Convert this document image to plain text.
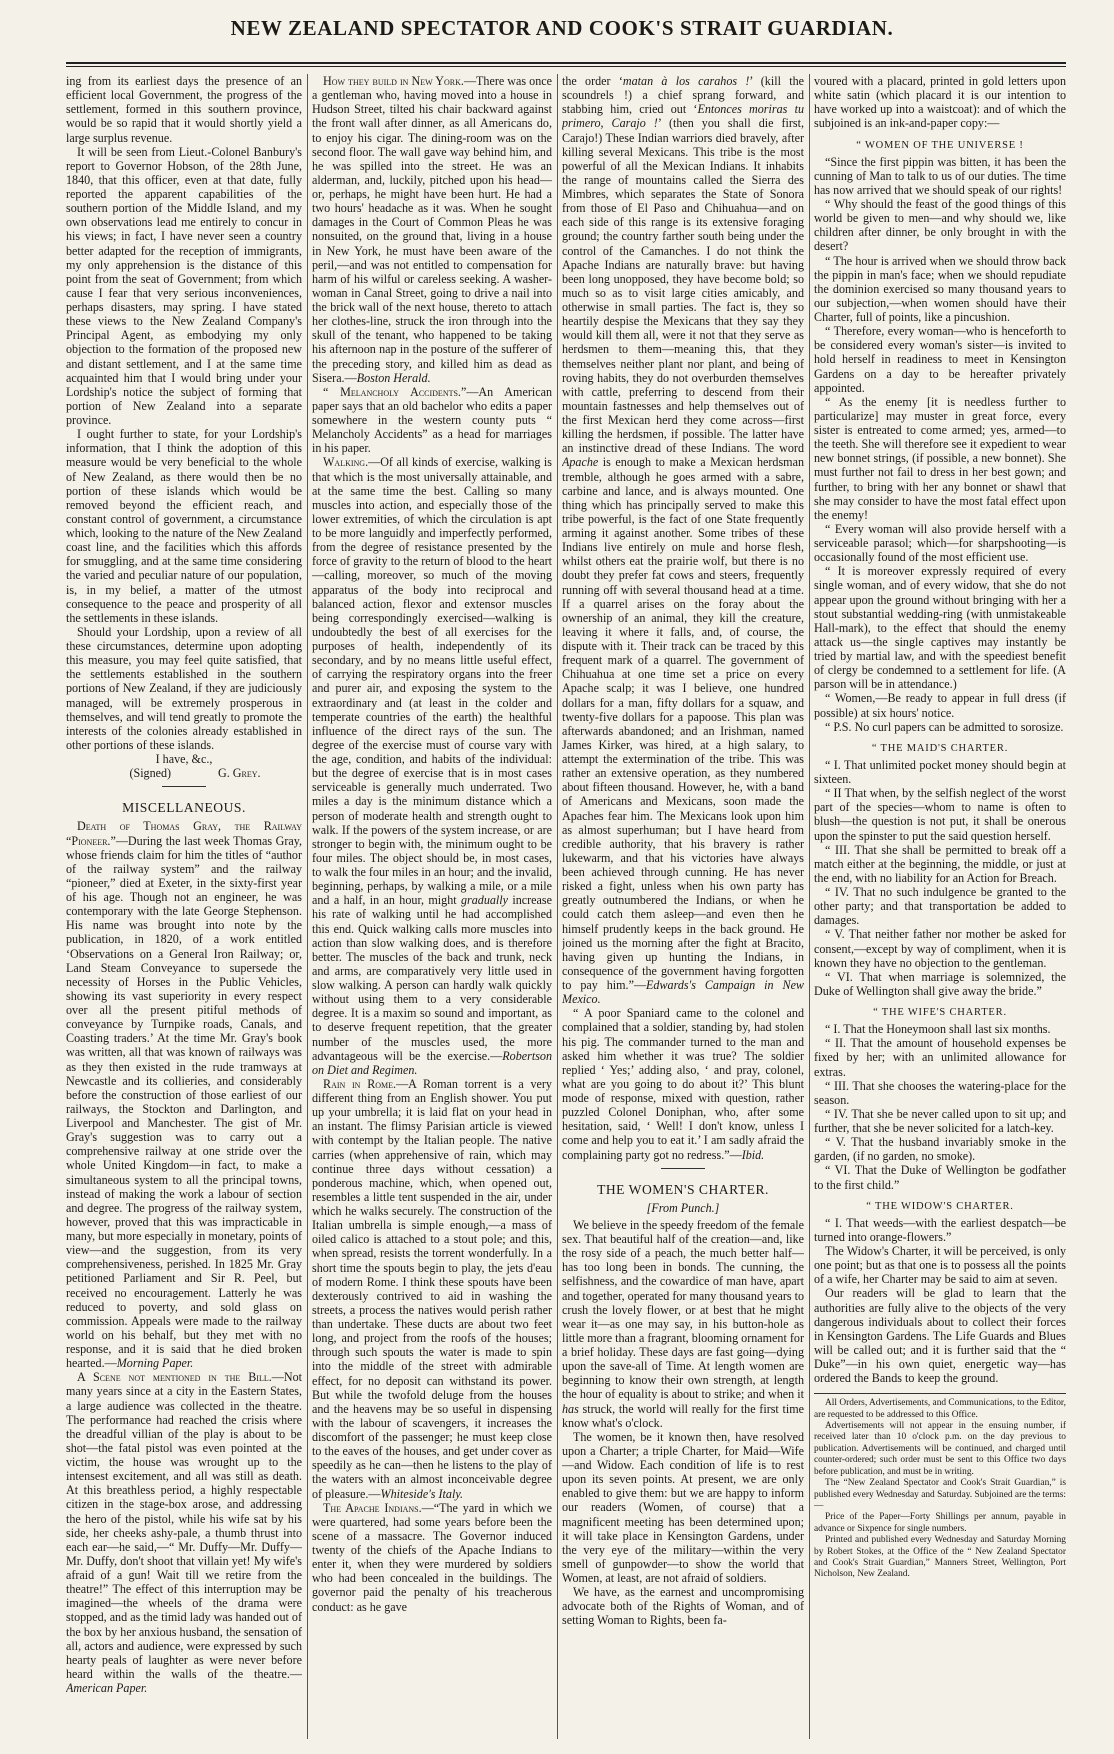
NEW ZEALAND SPECTATOR AND COOK'S STRAIT GUARDIAN.

ing from its earliest days the presence of an efficient local Government, the progress of the settlement, formed in this southern province, would be so rapid that it would shortly yield a large surplus revenue.

It will be seen from Lieut.-Colonel Banbury's report to Governor Hobson, of the 28th June, 1840, that this officer, even at that date, fully reported the apparent capabilities of the southern portion of the Middle Island, and my own observations lead me entirely to concur in his views; in fact, I have never seen a country better adapted for the reception of immigrants, my only apprehension is the distance of this point from the seat of Government; from which cause I fear that very serious inconveniences, perhaps disasters, may spring. I have stated these views to the New Zealand Company's Principal Agent, as embodying my only objection to the formation of the proposed new and distant settlement, and I at the same time acquainted him that I would bring under your Lordship's notice the subject of forming that portion of New Zealand into a separate province.

I ought further to state, for your Lordship's information, that I think the adoption of this measure would be very beneficial to the whole of New Zealand, as there would then be no portion of these islands which would be removed beyond the efficient reach, and constant control of government, a circumstance which, looking to the nature of the New Zealand coast line, and the facilities which this affords for smuggling, and at the same time considering the varied and peculiar nature of our population, is, in my belief, a matter of the utmost consequence to the peace and prosperity of all the settlements in these islands.

Should your Lordship, upon a review of all these circumstances, determine upon adopting this measure, you may feel quite satisfied, that the settlements established in the southern portions of New Zealand, if they are judiciously managed, will be extremely prosperous in themselves, and will tend greatly to promote the interests of the colonies already established in other portions of these islands.

I have, &c.,
(Signed)	G. Grey.

MISCELLANEOUS.

Death of Thomas Gray, the Railway “Pioneer.”—During the last week Thomas Gray, whose friends claim for him the titles of “author of the railway system” and the railway “pioneer,” died at Exeter, in the sixty-first year of his age. Though not an engineer, he was contemporary with the late George Stephenson. His name was brought into note by the publication, in 1820, of a work entitled ‘Observations on a General Iron Railway; or, Land Steam Conveyance to supersede the necessity of Horses in the Public Vehicles, showing its vast superiority in every respect over all the present pitiful methods of conveyance by Turnpike roads, Canals, and Coasting traders.’ At the time Mr. Gray's book was written, all that was known of railways was as they then existed in the rude tramways at Newcastle and its collieries, and considerably before the construction of those earliest of our railways, the Stockton and Darlington, and Liverpool and Manchester. The gist of Mr. Gray's suggestion was to carry out a comprehensive railway at one stride over the whole United Kingdom—in fact, to make a simultaneous system to all the principal towns, instead of making the work a labour of section and degree. The progress of the railway system, however, proved that this was impracticable in many, but more especially in monetary, points of view—and the suggestion, from its very comprehensiveness, perished. In 1825 Mr. Gray petitioned Parliament and Sir R. Peel, but received no encouragement. Latterly he was reduced to poverty, and sold glass on commission. Appeals were made to the railway world on his behalf, but they met with no response, and it is said that he died broken hearted.—Morning Paper.

A Scene not mentioned in the Bill.—Not many years since at a city in the Eastern States, a large audience was collected in the theatre. The performance had reached the crisis where the dreadful villian of the play is about to be shot—the fatal pistol was even pointed at the victim, the house was wrought up to the intensest excitement, and all was still as death. At this breathless period, a highly respectable citizen in the stage-box arose, and addressing the hero of the pistol, while his wife sat by his side, her cheeks ashy-pale, a thumb thrust into each ear—he said,—“ Mr. Duffy—Mr. Duffy—Mr. Duffy, don't shoot that villain yet! My wife's afraid of a gun! Wait till we retire from the theatre!” The effect of this interruption may be imagined—the wheels of the drama were stopped, and as the timid lady was handed out of the box by her anxious husband, the sensation of all, actors and audience, were expressed by such hearty peals of laughter as were never before heard within the walls of the theatre.—American Paper.

How they build in New York.—There was once a gentleman who, having moved into a house in Hudson Street, tilted his chair backward against the front wall after dinner, as all Americans do, to enjoy his cigar. The dining-room was on the second floor. The wall gave way behind him, and he was spilled into the street. He was an alderman, and, luckily, pitched upon his head—or, perhaps, he might have been hurt. He had a two hours' headache as it was. When he sought damages in the Court of Common Pleas he was nonsuited, on the ground that, living in a house in New York, he must have been aware of the peril,—and was not entitled to compensation for harm of his wilful or careless seeking. A washer-woman in Canal Street, going to drive a nail into the brick wall of the next house, thereto to attach her clothes-line, struck the iron through into the skull of the tenant, who happened to be taking his afternoon nap in the posture of the sufferer of the preceding story, and killed him as dead as Sisera.—Boston Herald.

“ Melancholy Accidents.”—An American paper says that an old bachelor who edits a paper somewhere in the western county puts “ Melancholy Accidents” as a head for marriages in his paper.

Walking.—Of all kinds of exercise, walking is that which is the most universally attainable, and at the same time the best. Calling so many muscles into action, and especially those of the lower extremities, of which the circulation is apt to be more languidly and imperfectly performed, from the degree of resistance presented by the force of gravity to the return of blood to the heart—calling, moreover, so much of the moving apparatus of the body into reciprocal and balanced action, flexor and extensor muscles being correspondingly exercised—walking is undoubtedly the best of all exercises for the purposes of health, independently of its secondary, and by no means little useful effect, of carrying the respiratory organs into the freer and purer air, and exposing the system to the extraordinary and (at least in the colder and temperate countries of the earth) the healthful influence of the direct rays of the sun. The degree of the exercise must of course vary with the age, condition, and habits of the individual: but the degree of exercise that is in most cases serviceable is generally much underrated. Two miles a day is the minimum distance which a person of moderate health and strength ought to walk. If the powers of the system increase, or are stronger to begin with, the minimum ought to be four miles. The object should be, in most cases, to walk the four miles in an hour; and the invalid, beginning, perhaps, by walking a mile, or a mile and a half, in an hour, might gradually increase his rate of walking until he had accomplished this end. Quick walking calls more muscles into action than slow walking does, and is therefore better. The muscles of the back and trunk, neck and arms, are comparatively very little used in slow walking. A person can hardly walk quickly without using them to a very considerable degree. It is a maxim so sound and important, as to deserve frequent repetition, that the greater number of the muscles used, the more advantageous will be the exercise.—Robertson on Diet and Regimen.

Rain in Rome.—A Roman torrent is a very different thing from an English shower. You put up your umbrella; it is laid flat on your head in an instant. The flimsy Parisian article is viewed with contempt by the Italian people. The native carries (when apprehensive of rain, which may continue three days without cessation) a ponderous machine, which, when opened out, resembles a little tent suspended in the air, under which he walks securely. The construction of the Italian umbrella is simple enough,—a mass of oiled calico is attached to a stout pole; and this, when spread, resists the torrent wonderfully. In a short time the spouts begin to play, the jets d'eau of modern Rome. I think these spouts have been dexterously contrived to aid in washing the streets, a process the natives would perish rather than undertake. These ducts are about two feet long, and project from the roofs of the houses; through such spouts the water is made to spin into the middle of the street with admirable effect, for no deposit can withstand its power. But while the twofold deluge from the houses and the heavens may be so useful in dispensing with the labour of scavengers, it increases the discomfort of the passenger; he must keep close to the eaves of the houses, and get under cover as speedily as he can—then he listens to the play of the waters with an almost inconceivable degree of pleasure.—Whiteside's Italy.

The Apache Indians.—“The yard in which we were quartered, had some years before been the scene of a massacre. The Governor induced twenty of the chiefs of the Apache Indians to enter it, when they were murdered by soldiers who had been concealed in the buildings. The governor paid the penalty of his treacherous conduct: as he gave

the order ‘matan à los carahos !’ (kill the scoundrels !) a chief sprang forward, and stabbing him, cried out ‘Entonces moriras tu primero, Carajo !’ (then you shall die first, Carajo!) These Indian warriors died bravely, after killing several Mexicans. This tribe is the most powerful of all the Mexican Indians. It inhabits the range of mountains called the Sierra des Mimbres, which separates the State of Sonora from those of El Paso and Chihuahua—and on each side of this range is its extensive foraging ground; the country farther south being under the control of the Camanches. I do not think the Apache Indians are naturally brave: but having been long unopposed, they have become bold; so much so as to visit large cities amicably, and otherwise in small parties. The fact is, they so heartily despise the Mexicans that they say they would kill them all, were it not that they serve as herdsmen to them—meaning this, that they themselves neither plant nor plant, and being of roving habits, they do not overburden themselves with cattle, preferring to descend from their mountain fastnesses and help themselves out of the first Mexican herd they come across—first killing the herdsmen, if possible. The latter have an instinctive dread of these Indians. The word Apache is enough to make a Mexican herdsman tremble, although he goes armed with a sabre, carbine and lance, and is always mounted. One thing which has principally served to make this tribe powerful, is the fact of one State frequently arming it against another. Some tribes of these Indians live entirely on mule and horse flesh, whilst others eat the prairie wolf, but there is no doubt they prefer fat cows and steers, frequently running off with several thousand head at a time. If a quarrel arises on the foray about the ownership of an animal, they kill the creature, leaving it where it falls, and, of course, the dispute with it. Their track can be traced by this frequent mark of a quarrel. The government of Chihuahua at one time set a price on every Apache scalp; it was I believe, one hundred dollars for a man, fifty dollars for a squaw, and twenty-five dollars for a papoose. This plan was afterwards abandoned; and an Irishman, named James Kirker, was hired, at a high salary, to attempt the extermination of the tribe. This was rather an extensive operation, as they numbered about fifteen thousand. However, he, with a band of Americans and Mexicans, soon made the Apaches fear him. The Mexicans look upon him as almost superhuman; but I have heard from credible authority, that his bravery is rather lukewarm, and that his victories have always been achieved through cunning. He has never risked a fight, unless when his own party has greatly outnumbered the Indians, or when he could catch them asleep—and even then he himself prudently keeps in the back ground. He joined us the morning after the fight at Bracito, having given up hunting the Indians, in consequence of the government having forgotten to pay him.”—Edwards's Campaign in New Mexico.

“ A poor Spaniard came to the colonel and complained that a soldier, standing by, had stolen his pig. The commander turned to the man and asked him whether it was true? The soldier replied ‘ Yes;’ adding also, ‘ and pray, colonel, what are you going to do about it?’ This blunt mode of response, mixed with question, rather puzzled Colonel Doniphan, who, after some hesitation, said, ‘ Well! I don't know, unless I come and help you to eat it.’ I am sadly afraid the complaining party got no redress.”—Ibid.

THE WOMEN'S CHARTER.

[From Punch.]

We believe in the speedy freedom of the female sex. That beautiful half of the creation—and, like the rosy side of a peach, the much better half—has too long been in bonds. The cunning, the selfishness, and the cowardice of man have, apart and together, operated for many thousand years to crush the lovely flower, or at best that he might wear it—as one may say, in his button-hole as little more than a fragrant, blooming ornament for a brief holiday. These days are fast going—dying upon the save-all of Time. At length women are beginning to know their own strength, at length the hour of equality is about to strike; and when it has struck, the world will really for the first time know what's o'clock.

The women, be it known then, have resolved upon a Charter; a triple Charter, for Maid—Wife—and Widow. Each condition of life is to rest upon its seven points. At present, we are only enabled to give them: but we are happy to inform our readers (Women, of course) that a magnificent meeting has been determined upon; it will take place in Kensington Gardens, under the very eye of the military—within the very smell of gunpowder—to show the world that Women, at least, are not afraid of soldiers.

We have, as the earnest and uncompromising advocate both of the Rights of Woman, and of setting Woman to Rights, been fa-

voured with a placard, printed in gold letters upon white satin (which placard it is our intention to have worked up into a waistcoat): and of which the subjoined is an ink-and-paper copy:—

“ WOMEN OF THE UNIVERSE !

“Since the first pippin was bitten, it has been the cunning of Man to talk to us of our duties. The time has now arrived that we should speak of our rights!

“ Why should the feast of the good things of this world be given to men—and why should we, like children after dinner, be only brought in with the desert?

“ The hour is arrived when we should throw back the pippin in man's face; when we should repudiate the dominion exercised so many thousand years to our subjection,—when women should have their Charter, full of points, like a pincushion.

“ Therefore, every woman—who is henceforth to be considered every woman's sister—is invited to hold herself in readiness to meet in Kensington Gardens on a day to be hereafter privately appointed.

“ As the enemy [it is needless further to particularize] may muster in great force, every sister is entreated to come armed; yes, armed—to the teeth. She will therefore see it expedient to wear new bonnet strings, (if possible, a new bonnet). She must further not fail to dress in her best gown; and further, to bring with her any bonnet or shawl that she may consider to have the most fatal effect upon the enemy!

“ Every woman will also provide herself with a serviceable parasol; which—for sharpshooting—is occasionally found of the most efficient use.

“ It is moreover expressly required of every single woman, and of every widow, that she do not appear upon the ground without bringing with her a stout substantial wedding-ring (with unmistakeable Hall-mark), to the effect that should the enemy attack us—the single captives may instantly be tried by martial law, and with the speediest benefit of clergy be condemned to a settlement for life. (A parson will be in attendance.)

“ Women,—Be ready to appear in full dress (if possible) at six hours' notice.

“ P.S. No curl papers can be admitted to sorosize.

“ THE MAID'S CHARTER.

“ I. That unlimited pocket money should begin at sixteen.

“ II That when, by the selfish neglect of the worst part of the species—whom to name is often to blush—the question is not put, it shall be onerous upon the spinster to put the said question herself.

“ III. That she shall be permitted to break off a match either at the beginning, the middle, or just at the end, with no liability for an Action for Breach.

“ IV. That no such indulgence be granted to the other party; and that transportation be added to damages.

“ V. That neither father nor mother be asked for consent,—except by way of compliment, when it is known they have no objection to the gentleman.

“ VI. That when marriage is solemnized, the Duke of Wellington shall give away the bride.”

“ THE WIFE'S CHARTER.

“ I. That the Honeymoon shall last six months.

“ II. That the amount of household expenses be fixed by her; with an unlimited allowance for extras.

“ III. That she chooses the watering-place for the season.

“ IV. That she be never called upon to sit up; and further, that she be never solicited for a latch-key.

“ V. That the husband invariably smoke in the garden, (if no garden, no smoke).

“ VI. That the Duke of Wellington be godfather to the first child.”

“ THE WIDOW'S CHARTER.

“ I. That weeds—with the earliest despatch—be turned into orange-flowers.”

The Widow's Charter, it will be perceived, is only one point; but as that one is to possess all the points of a wife, her Charter may be said to aim at seven.

Our readers will be glad to learn that the authorities are fully alive to the objects of the very dangerous individuals about to collect their forces in Kensington Gardens. The Life Guards and Blues will be called out; and it is further said that the “ Duke”—in his own quiet, energetic way—has ordered the Bands to keep the ground.

All Orders, Advertisements, and Communications, to the Editor, are requested to be addressed to this Office.

Advertisements will not appear in the ensuing number, if received later than 10 o'clock p.m. on the day previous to publication. Advertisements will be continued, and charged until counter-ordered; such order must be sent to this Office two days before publication, and must be in writing.

The “New Zealand Spectator and Cook's Strait Guardian,” is published every Wednesday and Saturday. Subjoined are the terms:—

Price of the Paper—Forty Shillings per annum, payable in advance or Sixpence for single numbers.

Printed and published every Wednesday and Saturday Morning by Robert Stokes, at the Office of the “ New Zealand Spectator and Cook's Strait Guardian,” Manners Street, Wellington, Port Nicholson, New Zealand.
